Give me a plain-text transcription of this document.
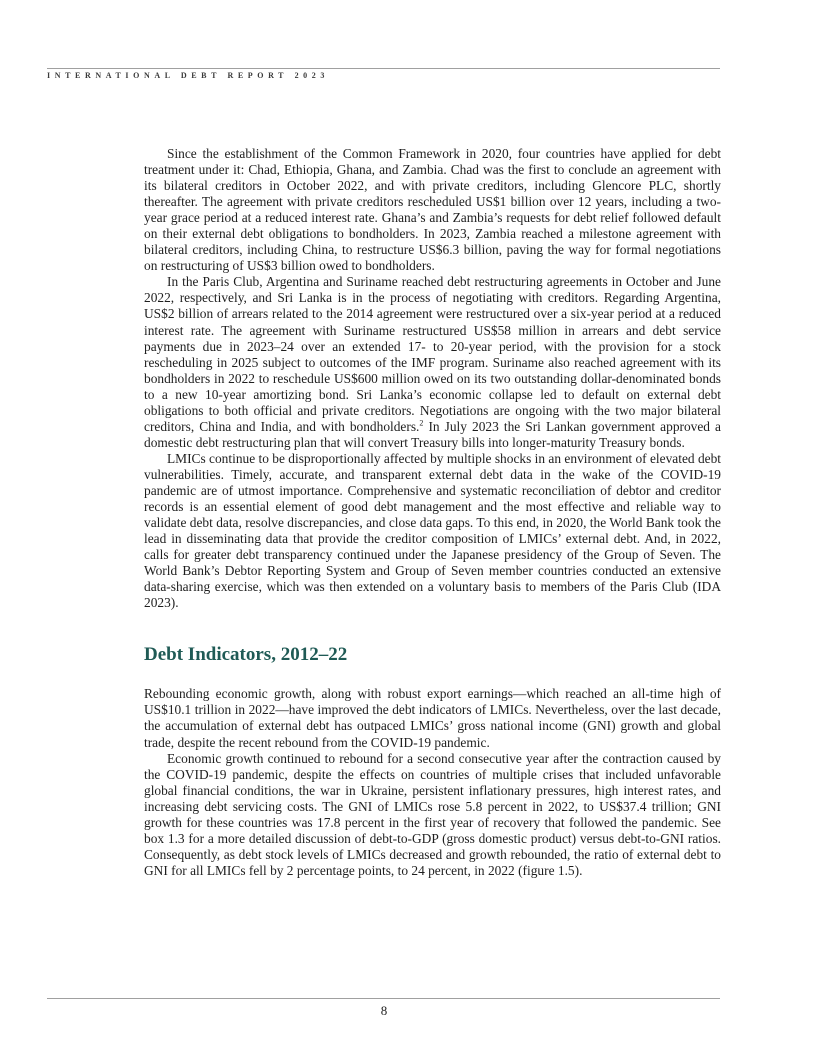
INTERNATIONAL DEBT REPORT 2023

Since the establishment of the Common Framework in 2020, four countries have applied for debt treatment under it: Chad, Ethiopia, Ghana, and Zambia. Chad was the first to conclude an agreement with its bilateral creditors in October 2022, and with private creditors, including Glencore PLC, shortly thereafter. The agreement with private creditors rescheduled US$1 billion over 12 years, including a two-year grace period at a reduced interest rate. Ghana’s and Zambia’s requests for debt relief followed default on their external debt obligations to bondholders. In 2023, Zambia reached a milestone agreement with bilateral creditors, including China, to restructure US$6.3 billion, paving the way for formal negotiations on restructuring of US$3 billion owed to bondholders.

In the Paris Club, Argentina and Suriname reached debt restructuring agreements in October and June 2022, respectively, and Sri Lanka is in the process of negotiating with creditors. Regarding Argentina, US$2 billion of arrears related to the 2014 agreement were restructured over a six-year period at a reduced interest rate. The agreement with Suriname restructured US$58 million in arrears and debt service payments due in 2023–24 over an extended 17- to 20-year period, with the provision for a stock rescheduling in 2025 subject to outcomes of the IMF program. Suriname also reached agreement with its bondholders in 2022 to reschedule US$600 million owed on its two outstanding dollar-denominated bonds to a new 10-year amortizing bond. Sri Lanka’s economic collapse led to default on external debt obligations to both official and private creditors. Negotiations are ongoing with the two major bilateral creditors, China and India, and with bondholders.$^2$ In July 2023 the Sri Lankan government approved a domestic debt restructuring plan that will convert Treasury bills into longer-maturity Treasury bonds.

LMICs continue to be disproportionally affected by multiple shocks in an environment of elevated debt vulnerabilities. Timely, accurate, and transparent external debt data in the wake of the COVID-19 pandemic are of utmost importance. Comprehensive and systematic reconciliation of debtor and creditor records is an essential element of good debt management and the most effective and reliable way to validate debt data, resolve discrepancies, and close data gaps. To this end, in 2020, the World Bank took the lead in disseminating data that provide the creditor composition of LMICs’ external debt. And, in 2022, calls for greater debt transparency continued under the Japanese presidency of the Group of Seven. The World Bank’s Debtor Reporting System and Group of Seven member countries conducted an extensive data-sharing exercise, which was then extended on a voluntary basis to members of the Paris Club (IDA 2023).

Debt Indicators, 2012–22

Rebounding economic growth, along with robust export earnings—which reached an all-time high of US$10.1 trillion in 2022—have improved the debt indicators of LMICs. Nevertheless, over the last decade, the accumulation of external debt has outpaced LMICs’ gross national income (GNI) growth and global trade, despite the recent rebound from the COVID-19 pandemic.

Economic growth continued to rebound for a second consecutive year after the contraction caused by the COVID-19 pandemic, despite the effects on countries of multiple crises that included unfavorable global financial conditions, the war in Ukraine, persistent inflationary pressures, high interest rates, and increasing debt servicing costs. The GNI of LMICs rose 5.8 percent in 2022, to US$37.4 trillion; GNI growth for these countries was 17.8 percent in the first year of recovery that followed the pandemic. See box 1.3 for a more detailed discussion of debt-to-GDP (gross domestic product) versus debt-to-GNI ratios. Consequently, as debt stock levels of LMICs decreased and growth rebounded, the ratio of external debt to GNI for all LMICs fell by 2 percentage points, to 24 percent, in 2022 (figure 1.5).

8
